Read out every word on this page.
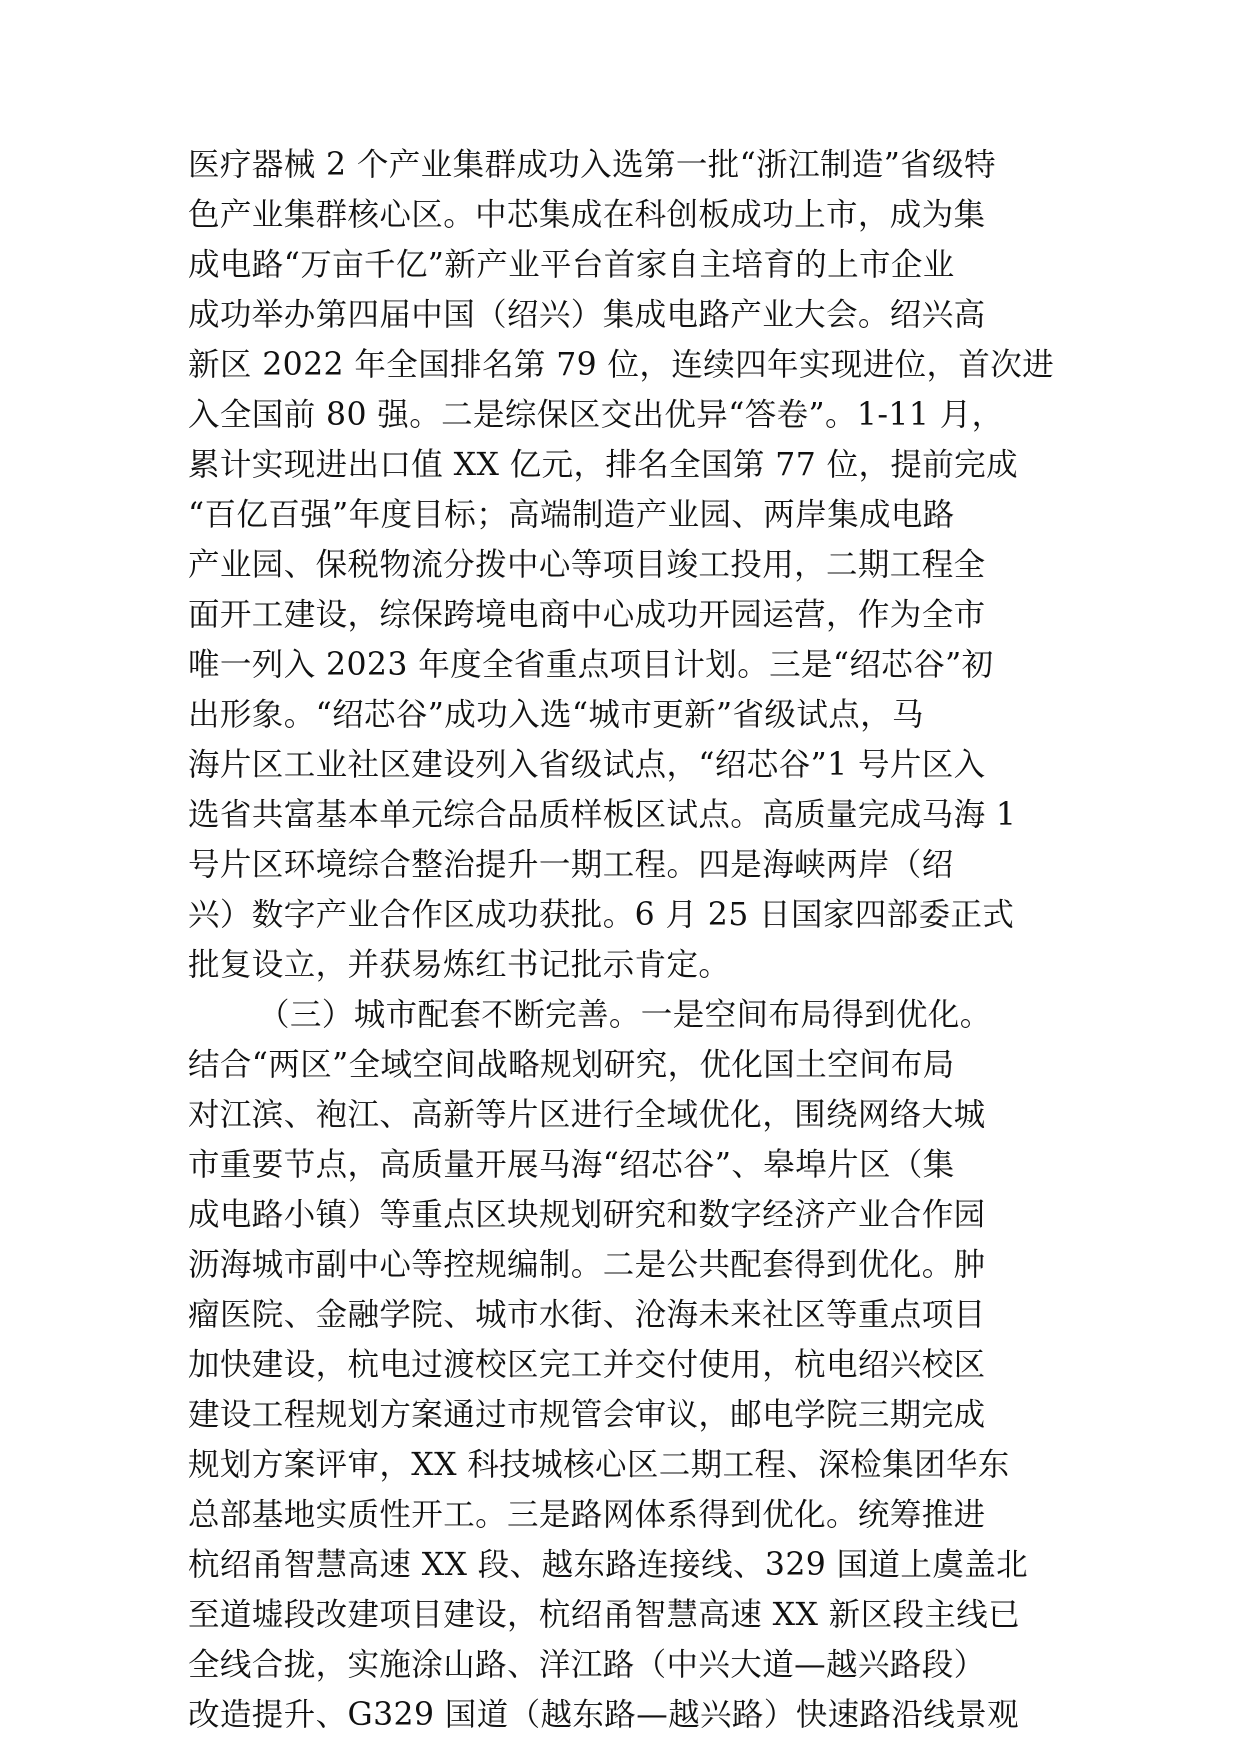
医疗器械 2 个产业集群成功入选第一批“浙江制造”省级特
色产业集群核心区。中芯集成在科创板成功上市，成为集
成电路“万亩千亿”新产业平台首家自主培育的上市企业
成功举办第四届中国（绍兴）集成电路产业大会。绍兴高
新区 2022 年全国排名第 79 位，连续四年实现进位，首次进
入全国前 80 强。二是综保区交出优异“答卷”。1-11 月，
累计实现进出口值 XX 亿元，排名全国第 77 位，提前完成
“百亿百强”年度目标；高端制造产业园、两岸集成电路
产业园、保税物流分拨中心等项目竣工投用，二期工程全
面开工建设，综保跨境电商中心成功开园运营，作为全市
唯一列入 2023 年度全省重点项目计划。三是“绍芯谷”初
出形象。“绍芯谷”成功入选“城市更新”省级试点，马
海片区工业社区建设列入省级试点，“绍芯谷”1 号片区入
选省共富基本单元综合品质样板区试点。高质量完成马海 1
号片区环境综合整治提升一期工程。四是海峡两岸（绍
兴）数字产业合作区成功获批。6 月 25 日国家四部委正式
批复设立，并获易炼红书记批示肯定。
（三）城市配套不断完善。一是空间布局得到优化。
结合“两区”全域空间战略规划研究，优化国土空间布局
对江滨、袍江、高新等片区进行全域优化，围绕网络大城
市重要节点，高质量开展马海“绍芯谷”、皋埠片区（集
成电路小镇）等重点区块规划研究和数字经济产业合作园
沥海城市副中心等控规编制。二是公共配套得到优化。肿
瘤医院、金融学院、城市水街、沧海未来社区等重点项目
加快建设，杭电过渡校区完工并交付使用，杭电绍兴校区
建设工程规划方案通过市规管会审议，邮电学院三期完成
规划方案评审，XX 科技城核心区二期工程、深检集团华东
总部基地实质性开工。三是路网体系得到优化。统筹推进
杭绍甬智慧高速 XX 段、越东路连接线、329 国道上虞盖北
至道墟段改建项目建设，杭绍甬智慧高速 XX 新区段主线已
全线合拢，实施涂山路、洋江路（中兴大道—越兴路段）
改造提升、G329 国道（越东路—越兴路）快速路沿线景观
